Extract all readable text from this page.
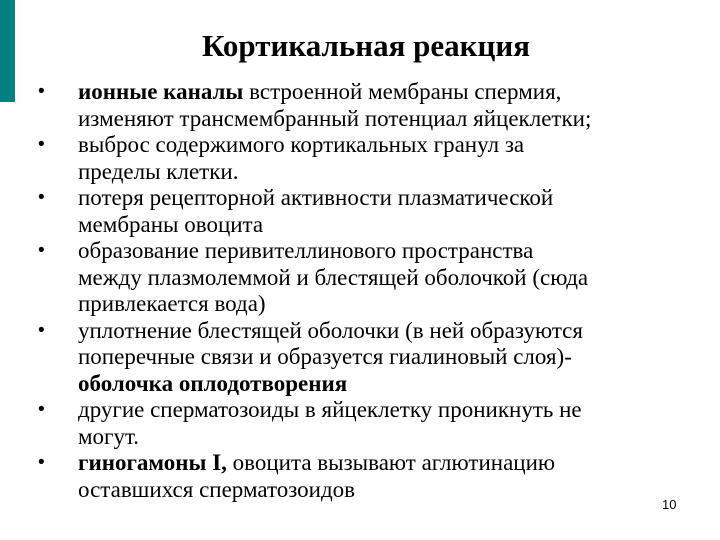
Кортикальная реакция
• ионные каналы встроенной мембраны спермия,
изменяют трансмембранный потенциал яйцеклетки;
• выброс содержимого кортикальных гранул за
пределы клетки.
• потеря рецепторной активности плазматической
мембраны овоцита
• образование перивителлинового пространства
между плазмолеммой и блестящей оболочкой (сюда
привлекается вода)
• уплотнение блестящей оболочки (в ней образуются
поперечные связи и образуется гиалиновый слоя)-
оболочка оплодотворения
• другие сперматозоиды в яйцеклетку проникнуть не
могут.
• гиногамоны I, овоцита вызывают аглютинацию
оставшихся сперматозоидов
10
